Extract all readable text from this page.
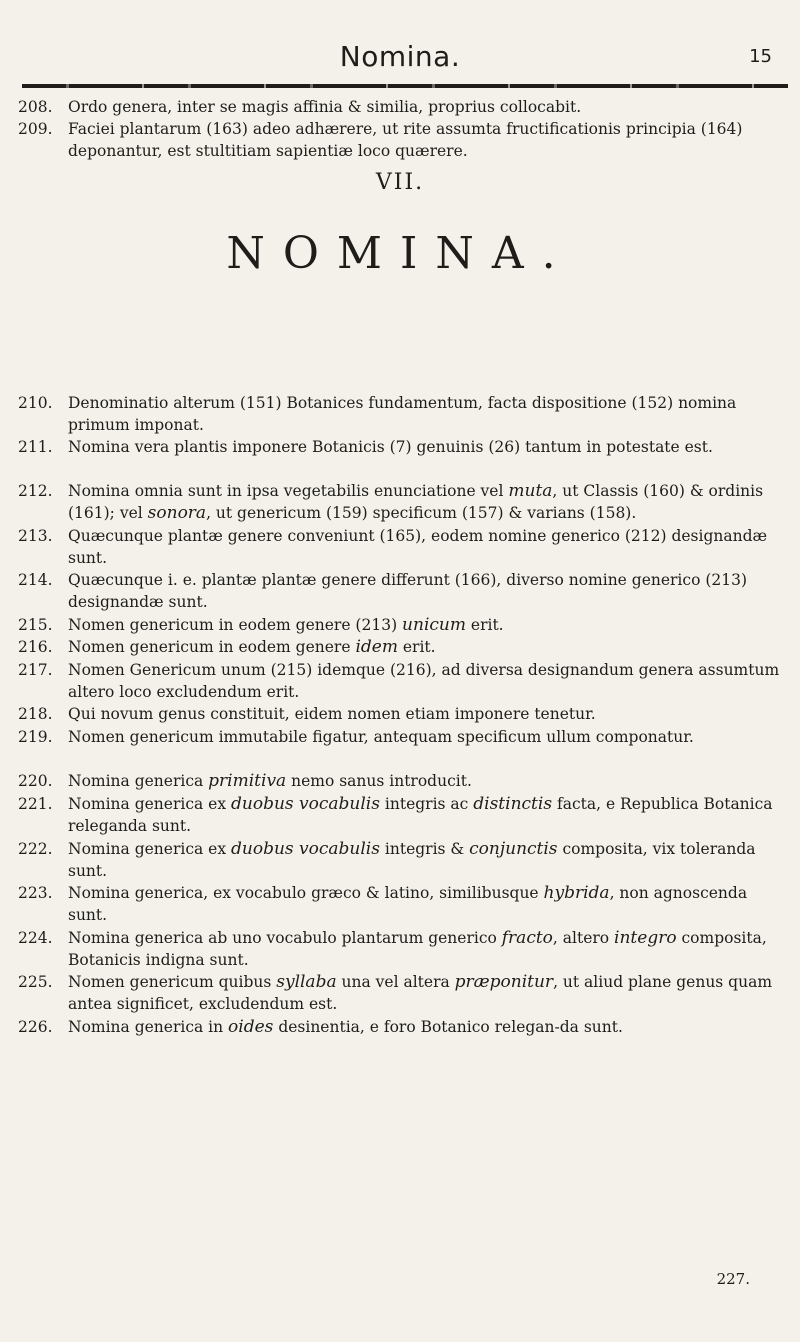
Nomina.	15
208. Ordo genera, inter se magis affinia & similia, proprius collocabit.
209. Faciei plantarum (163) adeo adhærere, ut rite assumta fructificationis principia (164) deponantur, est stultitiam sapientiæ loco quærere.
VII.
NOMINA.
210. Denominatio alterum (151) Botanices fundamentum, facta dispositione (152) nomina primum imponat.
211. Nomina vera plantis imponere Botanicis (7) genuinis (26) tantum in potestate est.
212. Nomina omnia sunt in ipsa vegetabilis enunciatione vel muta, ut Classis (160) & ordinis (161); vel sonora, ut genericum (159) specificum (157) & varians (158).
213. Quæcunque plantæ genere conveniunt (165), eodem nomine generico (212) designandæ sunt.
214. Quæcunque i. e. plantæ plantæ genere differunt (166), diverso nomine generico (213) designandæ sunt.
215. Nomen genericum in eodem genere (213) unicum erit.
216. Nomen genericum in eodem genere idem erit.
217. Nomen Genericum unum (215) idemque (216), ad diversa designandum genera assumtum altero loco excludendum erit.
218. Qui novum genus constituit, eidem nomen etiam imponere tenetur.
219. Nomen genericum immutabile figatur, antequam specificum ullum componatur.
220. Nomina generica primitiva nemo sanus introducit.
221. Nomina generica ex duobus vocabulis integris ac distinctis facta, e Republica Botanica releganda sunt.
222. Nomina generica ex duobus vocabulis integris & conjunctis composita, vix toleranda sunt.
223. Nomina generica, ex vocabulo græco & latino, similibusque hybrida, non agnoscenda sunt.
224. Nomina generica ab uno vocabulo plantarum generico fracto, altero integro composita, Botanicis indigna sunt.
225. Nomen genericum quibus syllaba una vel altera præponitur, ut aliud plane genus quam antea significet, excludendum est.
226. Nomina generica in oides desinentia, e foro Botanico relegan-da sunt.
227.
